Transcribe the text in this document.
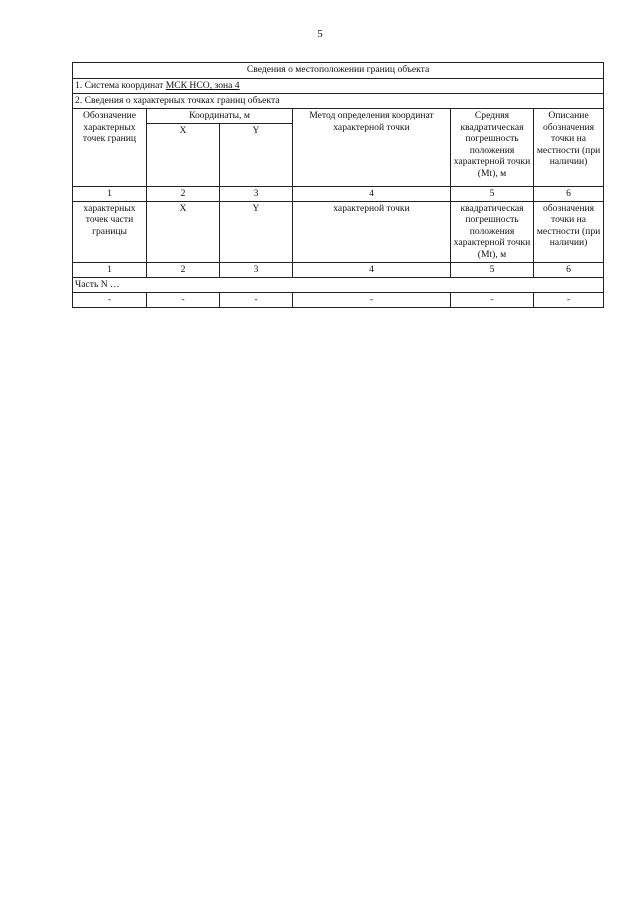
5
Сведения о местоположении границ объекта					
1. Система координат МСК НСО, зона 4					
2. Сведения о характерных точках границ объекта					
Обозначение характерных точек границ	Координаты, м		Метод определения координат характерной точки	Средняя квадратическая погрешность положения характерной точки (Mt), м	Описание обозначения точки на местности (при наличии)
	X	Y			
1	2	3	4	5	6
характерных точек части границы	X	Y	характерной точки	квадратическая погрешность положения характерной точки (Mt), м	обозначения точки на местности (при наличии)
1	2	3	4	5	6
Часть N …					
-	-	-	-	-	-
